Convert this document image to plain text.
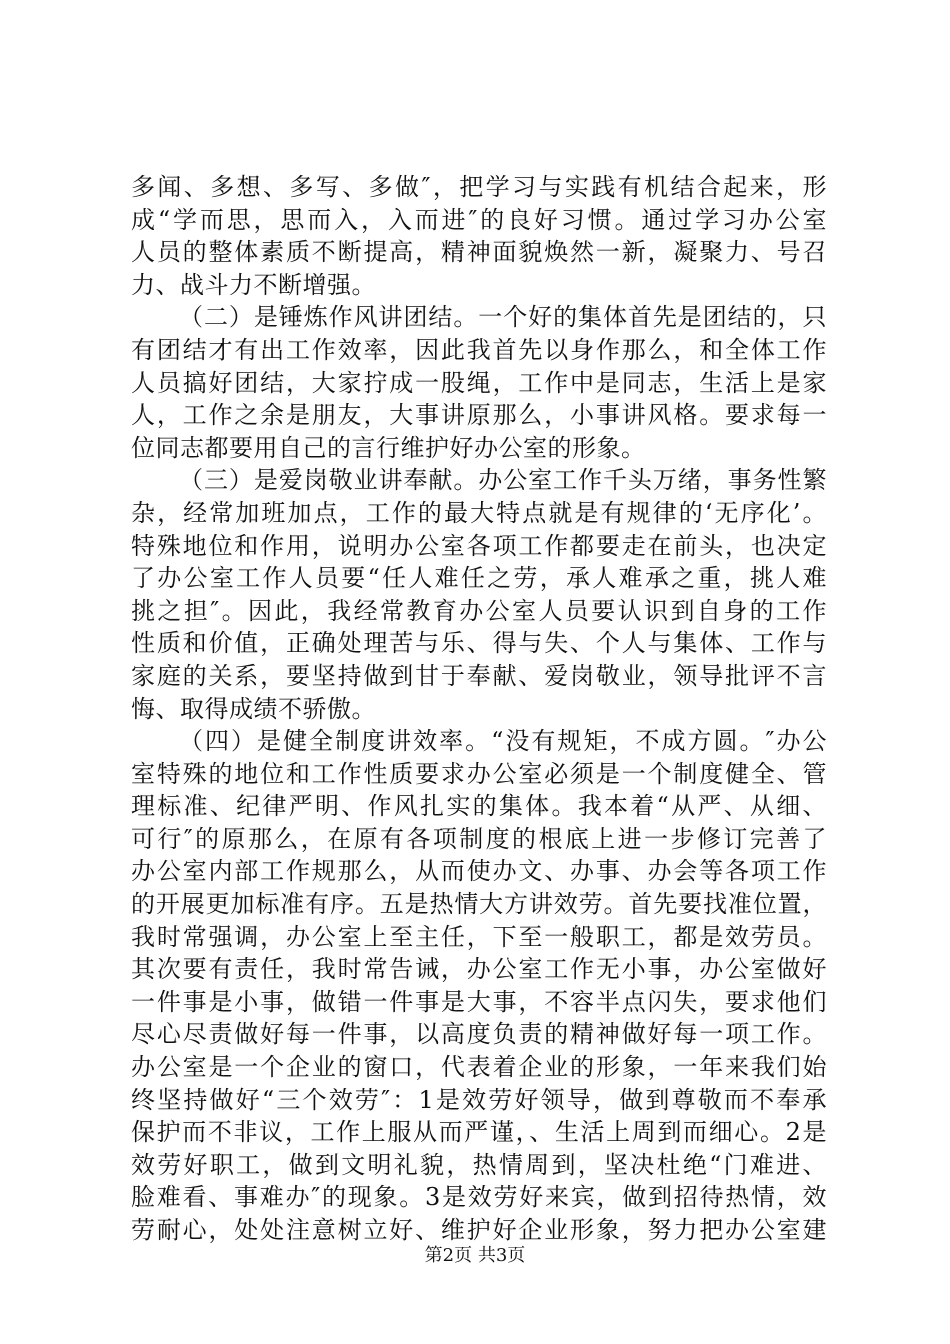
多闻、多想、多写、多做″，把学习与实践有机结合起来，形
成“学而思，思而入，入而进″的良好习惯。通过学习办公室
人员的整体素质不断提高，精神面貌焕然一新，凝聚力、号召
力、战斗力不断增强。
（二）是锤炼作风讲团结。一个好的集体首先是团结的，只
有团结才有出工作效率，因此我首先以身作那么，和全体工作
人员搞好团结，大家拧成一股绳，工作中是同志，生活上是家
人，工作之余是朋友，大事讲原那么，小事讲风格。要求每一
位同志都要用自己的言行维护好办公室的形象。
（三）是爱岗敬业讲奉献。办公室工作千头万绪，事务性繁
杂，经常加班加点，工作的最大特点就是有规律的‘无序化’。
特殊地位和作用，说明办公室各项工作都要走在前头，也决定
了办公室工作人员要“任人难任之劳，承人难承之重，挑人难
挑之担″。因此，我经常教育办公室人员要认识到自身的工作
性质和价值，正确处理苦与乐、得与失、个人与集体、工作与
家庭的关系，要坚持做到甘于奉献、爱岗敬业，领导批评不言
悔、取得成绩不骄傲。
（四）是健全制度讲效率。“没有规矩，不成方圆。″办公
室特殊的地位和工作性质要求办公室必须是一个制度健全、管
理标准、纪律严明、作风扎实的集体。我本着“从严、从细、
可行″的原那么，在原有各项制度的根底上进一步修订完善了
办公室内部工作规那么，从而使办文、办事、办会等各项工作
的开展更加标准有序。五是热情大方讲效劳。首先要找准位置，
我时常强调，办公室上至主任，下至一般职工，都是效劳员。
其次要有责任，我时常告诫，办公室工作无小事，办公室做好
一件事是小事，做错一件事是大事，不容半点闪失，要求他们
尽心尽责做好每一件事，以高度负责的精神做好每一项工作。
办公室是一个企业的窗口，代表着企业的形象，一年来我们始
终坚持做好“三个效劳″：1是效劳好领导，做到尊敬而不奉承
保护而不非议，工作上服从而严谨，、生活上周到而细心。2是
效劳好职工，做到文明礼貌，热情周到，坚决杜绝“门难进、
脸难看、事难办″的现象。3是效劳好来宾，做到招待热情，效
劳耐心，处处注意树立好、维护好企业形象，努力把办公室建
第2页 共3页
